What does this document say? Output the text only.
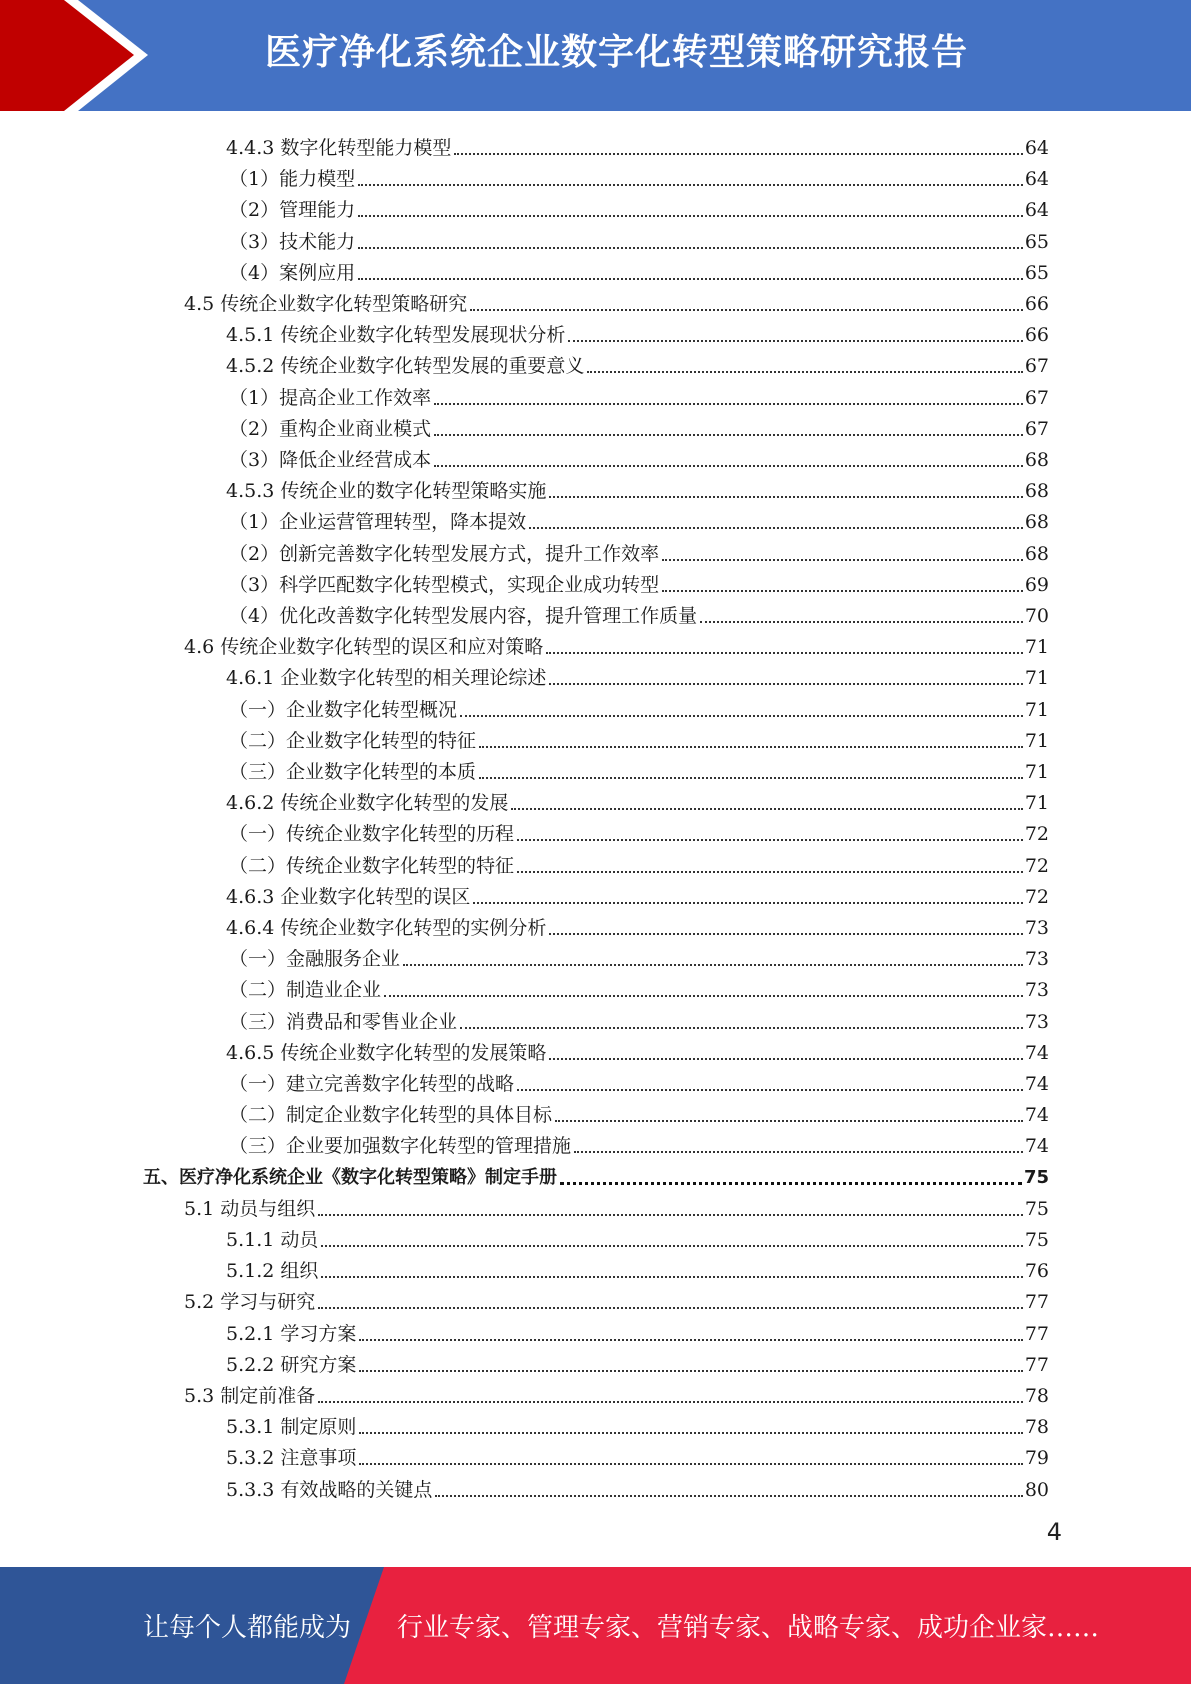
医疗净化系统企业数字化转型策略研究报告
4.4.3 数字化转型能力模型	64
（1）能力模型	64
（2）管理能力	64
（3）技术能力	65
（4）案例应用	65
4.5 传统企业数字化转型策略研究	66
4.5.1 传统企业数字化转型发展现状分析	66
4.5.2 传统企业数字化转型发展的重要意义	67
（1）提高企业工作效率	67
（2）重构企业商业模式	67
（3）降低企业经营成本	68
4.5.3 传统企业的数字化转型策略实施	68
（1）企业运营管理转型，降本提效	68
（2）创新完善数字化转型发展方式，提升工作效率	68
（3）科学匹配数字化转型模式，实现企业成功转型	69
（4）优化改善数字化转型发展内容，提升管理工作质量	70
4.6 传统企业数字化转型的误区和应对策略	71
4.6.1 企业数字化转型的相关理论综述	71
（一）企业数字化转型概况	71
（二）企业数字化转型的特征	71
（三）企业数字化转型的本质	71
4.6.2 传统企业数字化转型的发展	71
（一）传统企业数字化转型的历程	72
（二）传统企业数字化转型的特征	72
4.6.3 企业数字化转型的误区	72
4.6.4 传统企业数字化转型的实例分析	73
（一）金融服务企业	73
（二）制造业企业	73
（三）消费品和零售业企业	73
4.6.5 传统企业数字化转型的发展策略	74
（一）建立完善数字化转型的战略	74
（二）制定企业数字化转型的具体目标	74
（三）企业要加强数字化转型的管理措施	74
五、医疗净化系统企业《数字化转型策略》制定手册	75
5.1 动员与组织	75
5.1.1 动员	75
5.1.2 组织	76
5.2 学习与研究	77
5.2.1 学习方案	77
5.2.2 研究方案	77
5.3 制定前准备	78
5.3.1 制定原则	78
5.3.2 注意事项	79
5.3.3 有效战略的关键点	80
4
让每个人都能成为 行业专家、管理专家、营销专家、战略专家、成功企业家……
